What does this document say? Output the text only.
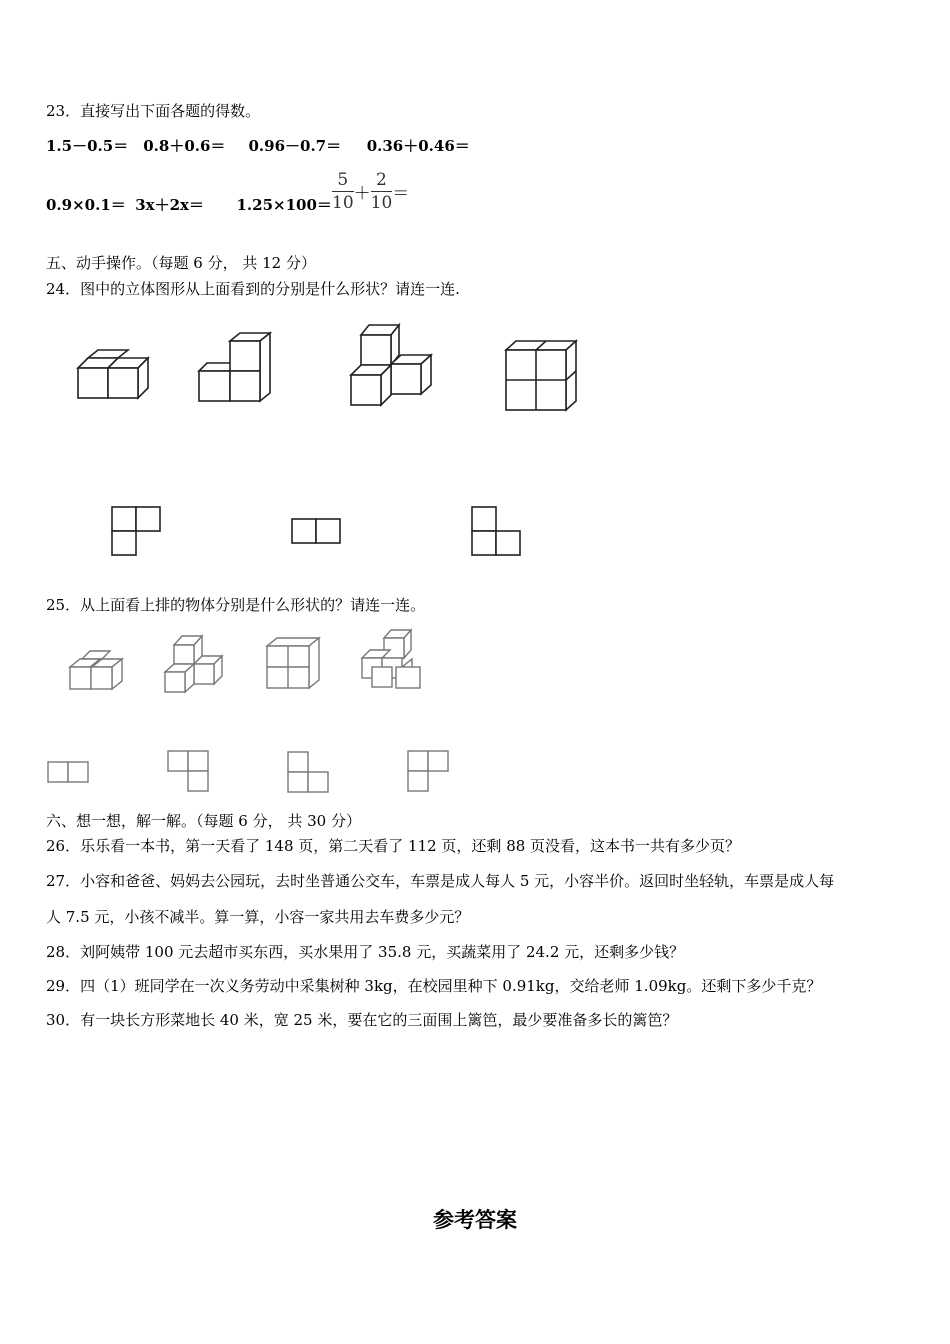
23．直接写出下面各题的得数。
1.5－0.5＝ 0.8＋0.6＝ 0.96－0.7＝ 0.36＋0.46＝
$0.9\times 0.1= 3x+2x= 1.25\times 100= \frac{5}{10} + \frac{2}{10}$ ＝
五、动手操作。（每题 6 分， 共 12 分）
24．图中的立体图形从上面看到的分别是什么形状？请连一连.
25．从上面看上排的物体分别是什么形状的？请连一连。
六、想一想，解一解。（每题 6 分， 共 30 分）
26．乐乐看一本书，第一天看了 148 页，第二天看了 112 页，还剩 88 页没看，这本书一共有多少页？
27．小容和爸爸、妈妈去公园玩，去时坐普通公交车，车票是成人每人 5 元，小容半价。返回时坐轻轨，车票是成人每
人 7.5 元，小孩不减半。算一算，小容一家共用去车费多少元？
28．刘阿姨带 100 元去超市买东西，买水果用了 35.8 元，买蔬菜用了 24.2 元，还剩多少钱？
29．四（1）班同学在一次义务劳动中采集树种 3kg，在校园里种下 0.91kg，交给老师 1.09kg。还剩下多少千克？
30．有一块长方形菜地长 40 米，宽 25 米，要在它的三面围上篱笆，最少要准备多长的篱笆？
参考答案
